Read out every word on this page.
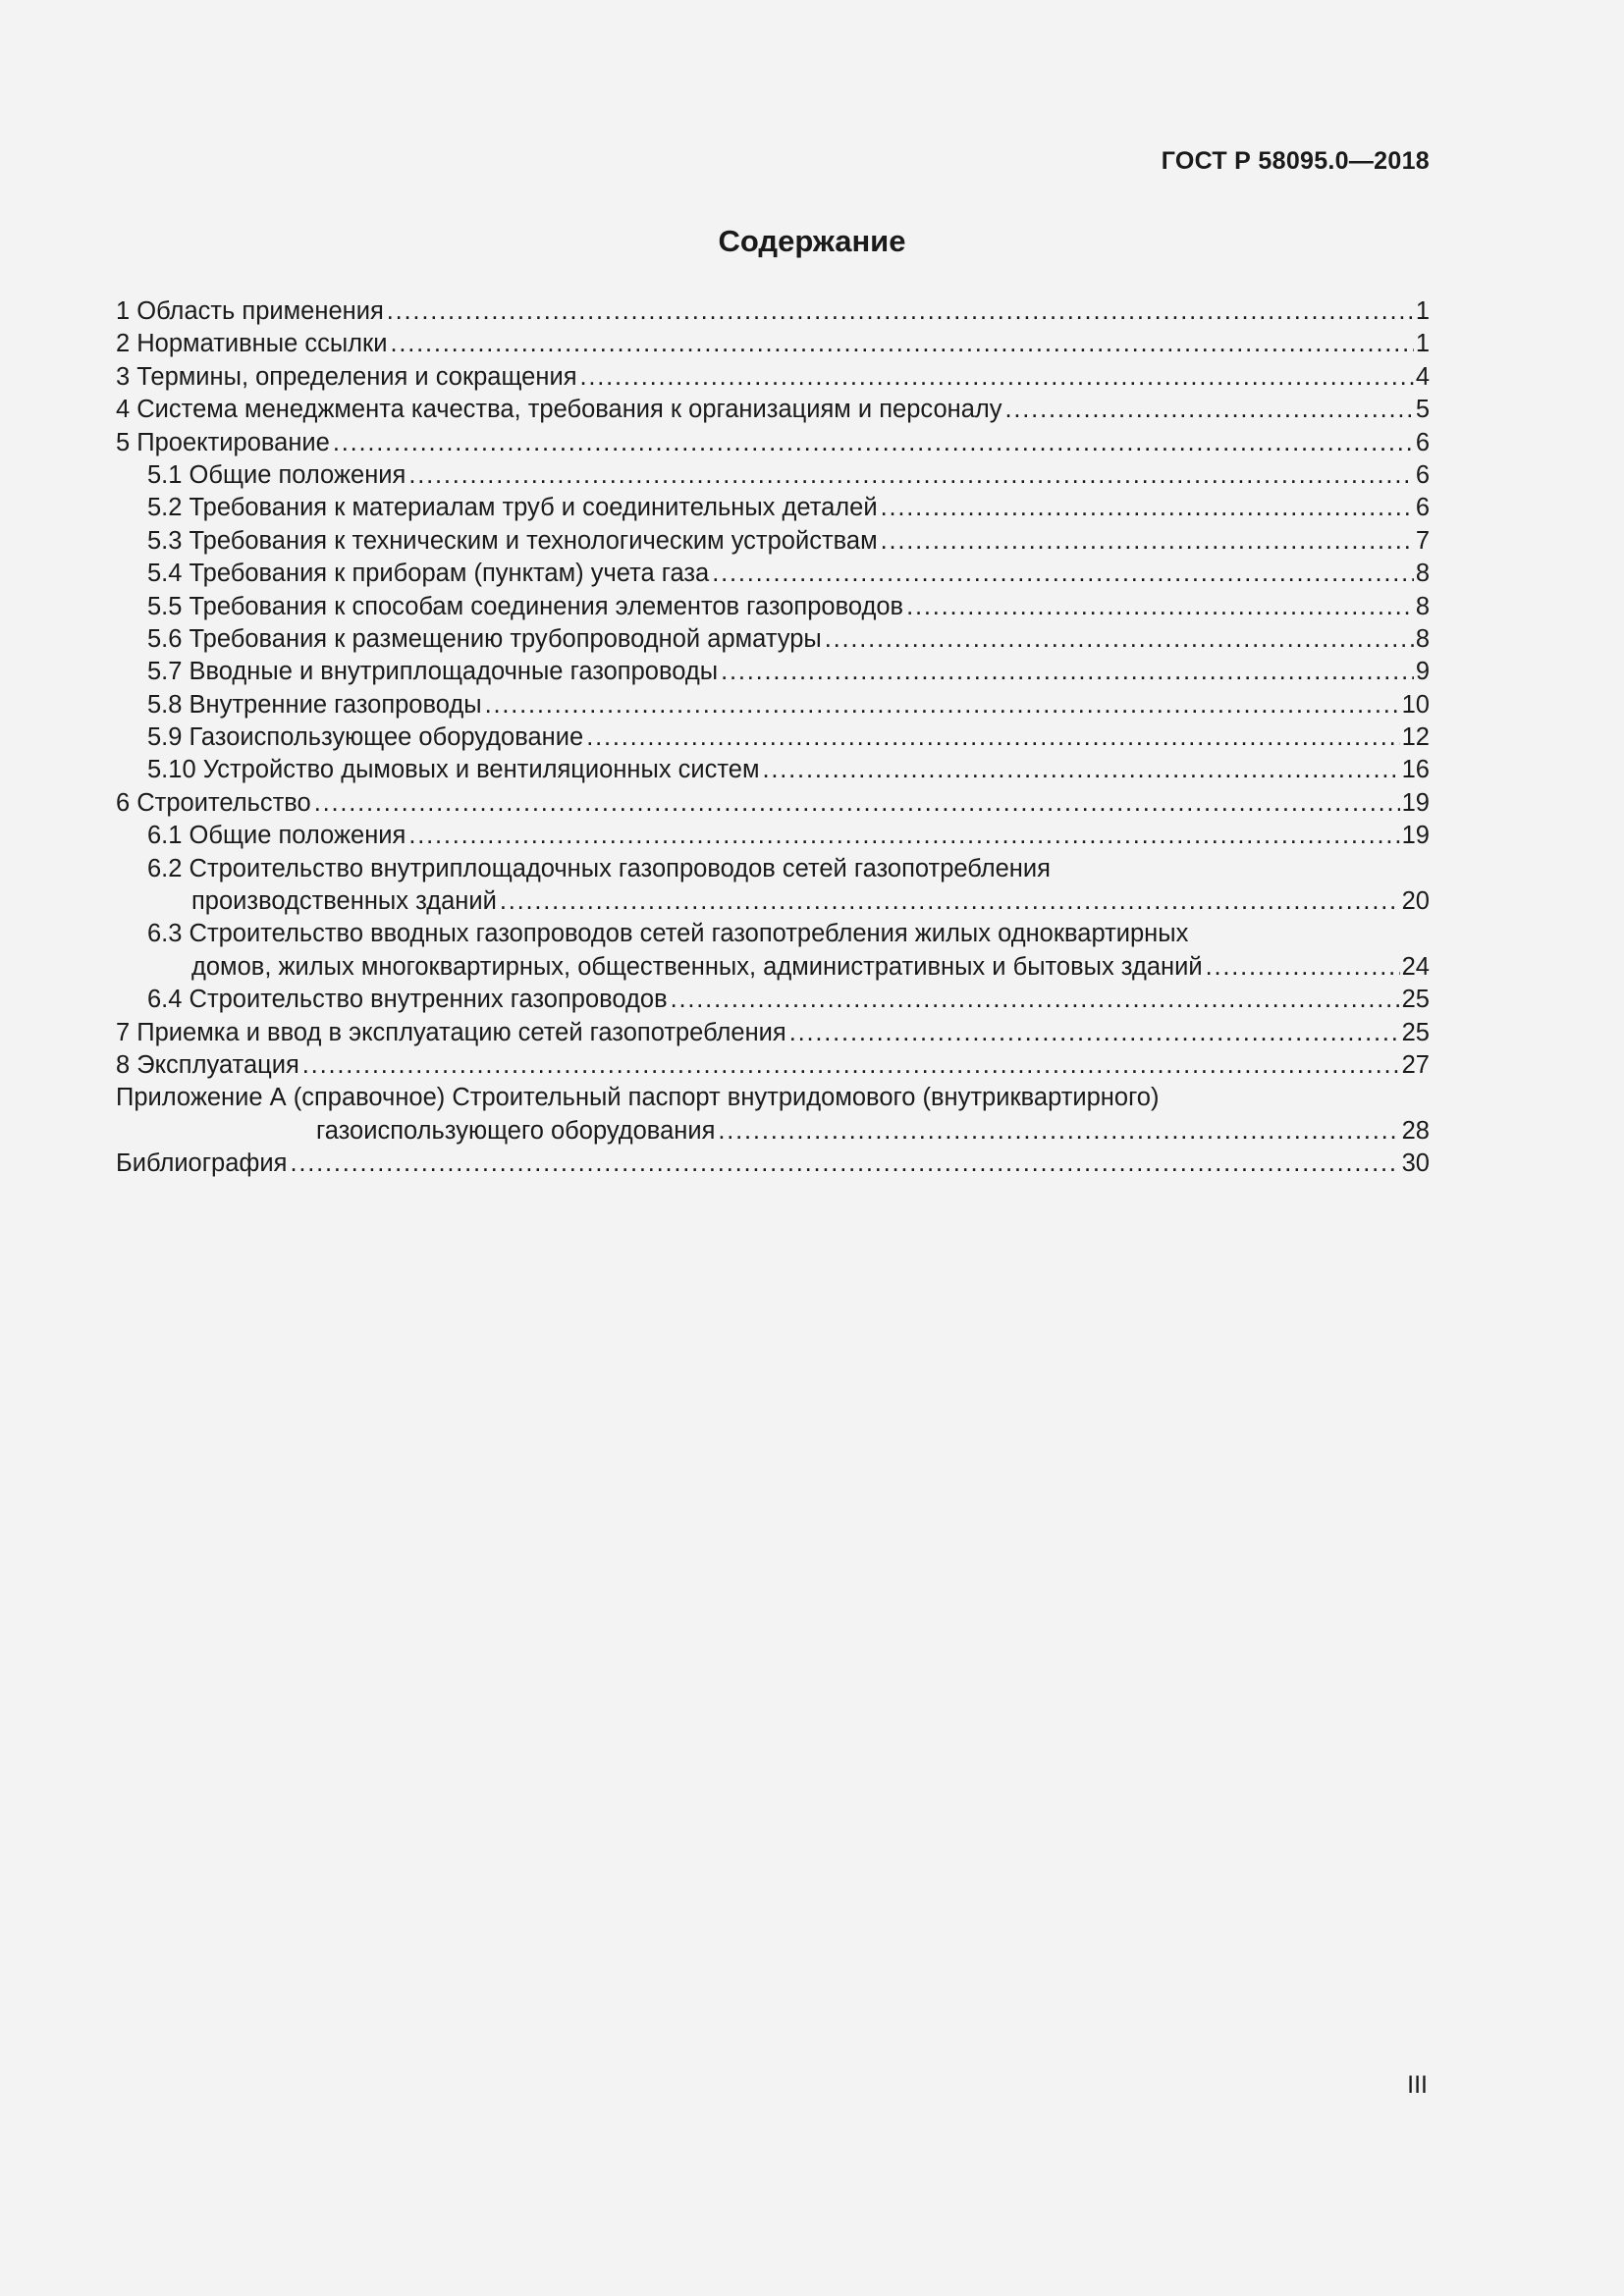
ГОСТ Р 58095.0—2018
Содержание
1 Область применения .....	1
2 Нормативные ссылки .....	1
3 Термины, определения и сокращения .....	4
4 Система менеджмента качества, требования к организациям и персоналу .....	5
5 Проектирование .....	6
5.1 Общие положения .....	6
5.2 Требования к материалам труб и соединительных деталей .....	6
5.3 Требования к техническим и технологическим устройствам .....	7
5.4 Требования к приборам (пунктам) учета газа .....	8
5.5 Требования к способам соединения элементов газопроводов .....	8
5.6 Требования к размещению трубопроводной арматуры .....	8
5.7 Вводные и внутриплощадочные газопроводы .....	9
5.8 Внутренние газопроводы .....	10
5.9 Газоиспользующее оборудование .....	12
5.10 Устройство дымовых и вентиляционных систем .....	16
6 Строительство .....	19
6.1 Общие положения .....	19
6.2 Строительство внутриплощадочных газопроводов сетей газопотребления
производственных зданий .....	20
6.3 Строительство вводных газопроводов сетей газопотребления жилых одноквартирных
домов, жилых многоквартирных, общественных, административных и бытовых зданий .....	24
6.4 Строительство внутренних газопроводов .....	25
7 Приемка и ввод в эксплуатацию сетей газопотребления .....	25
8 Эксплуатация .....	27
Приложение А (справочное) Строительный паспорт внутридомового (внутриквартирного)
газоиспользующего оборудования .....	28
Библиография .....	30
III
